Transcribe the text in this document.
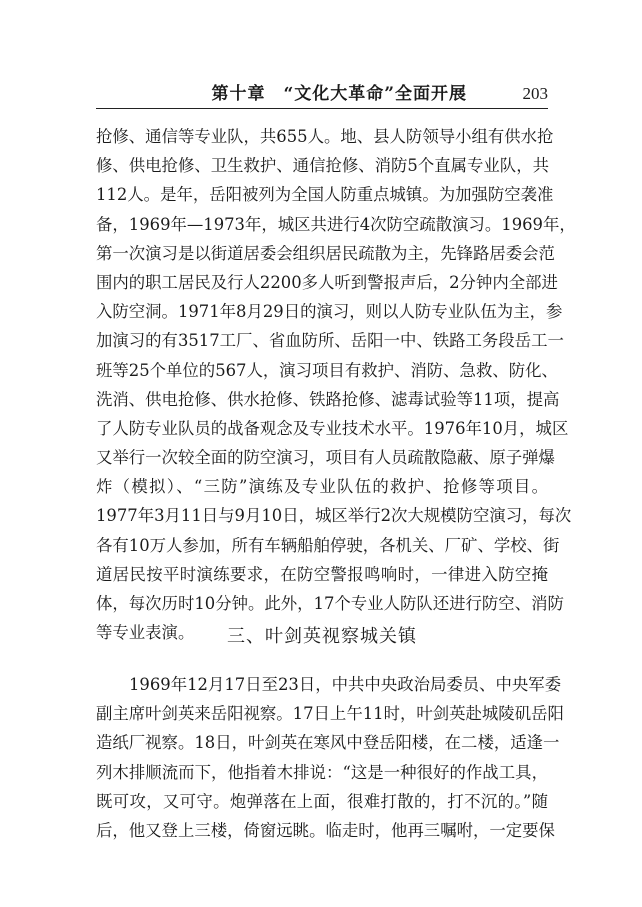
第十章　“文化大革命”全面开展	203
抢修、通信等专业队，共655人。地、县人防领导小组有供水抢
修、供电抢修、卫生救护、通信抢修、消防5个直属专业队，共
112人。是年，岳阳被列为全国人防重点城镇。为加强防空袭准
备，1969年—1973年，城区共进行4次防空疏散演习。1969年，
第一次演习是以街道居委会组织居民疏散为主，先锋路居委会范
围内的职工居民及行人2200多人听到警报声后，2分钟内全部进
入防空洞。1971年8月29日的演习，则以人防专业队伍为主，参
加演习的有3517工厂、省血防所、岳阳一中、铁路工务段岳工一
班等25个单位的567人，演习项目有救护、消防、急救、防化、
洗消、供电抢修、供水抢修、铁路抢修、滤毒试验等11项，提高
了人防专业队员的战备观念及专业技术水平。1976年10月，城区
又举行一次较全面的防空演习，项目有人员疏散隐蔽、原子弹爆
炸（模拟）、“三防”演练及专业队伍的救护、抢修等项目。
1977年3月11日与9月10日，城区举行2次大规模防空演习，每次
各有10万人参加，所有车辆船舶停驶，各机关、厂矿、学校、街
道居民按平时演练要求，在防空警报鸣响时，一律进入防空掩
体，每次历时10分钟。此外，17个专业人防队还进行防空、消防
等专业表演。	三、叶剑英视察城关镇
1969年12月17日至23日，中共中央政治局委员、中央军委
副主席叶剑英来岳阳视察。17日上午11时，叶剑英赴城陵矶岳阳
造纸厂视察。18日，叶剑英在寒风中登岳阳楼，在二楼，适逢一
列木排顺流而下，他指着木排说：“这是一种很好的作战工具，
既可攻，又可守。炮弹落在上面，很难打散的，打不沉的。”随
后，他又登上三楼，倚窗远眺。临走时，他再三嘱咐，一定要保
